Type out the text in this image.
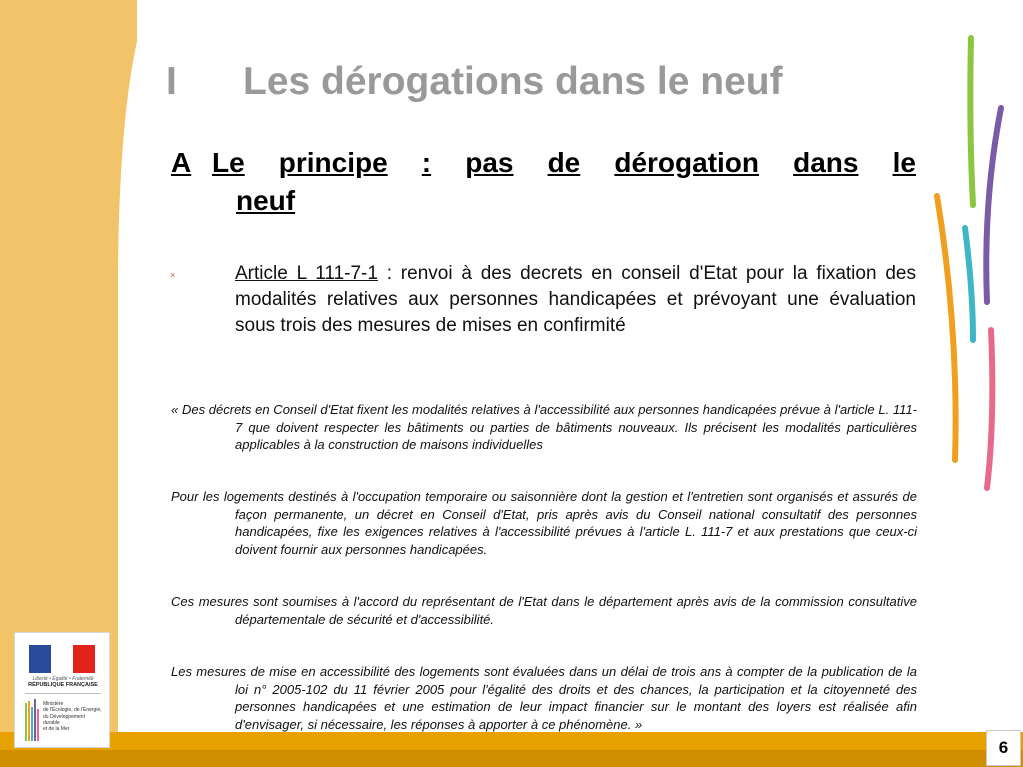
I Les dérogations dans le neuf
A Le principe : pas de dérogation dans le
neuf
×	Article L 111-7-1 : renvoi à des decrets en conseil d'Etat pour la fixation des modalités relatives aux personnes handicapées et prévoyant une évaluation sous trois des mesures de mises en confirmité
« Des décrets en Conseil d'Etat fixent les modalités relatives à l'accessibilité aux personnes handicapées prévue à l'article L. 111-7 que doivent respecter les bâtiments ou parties de bâtiments nouveaux. Ils précisent les modalités particulières applicables à la construction de maisons individuelles
Pour les logements destinés à l'occupation temporaire ou saisonnière dont la gestion et l'entretien sont organisés et assurés de façon permanente, un décret en Conseil d'Etat, pris après avis du Conseil national consultatif des personnes handicapées, fixe les exigences relatives à l'accessibilité prévues à l'article L. 111-7 et aux prestations que ceux-ci doivent fournir aux personnes handicapées.
Ces mesures sont soumises à l'accord du représentant de l'Etat dans le département après avis de la commission consultative départementale de sécurité et d'accessibilité.
Les mesures de mise en accessibilité des logements sont évaluées dans un délai de trois ans à compter de la publication de la loi n° 2005-102 du 11 février 2005 pour l'égalité des droits et des chances, la participation et la citoyenneté des personnes handicapées et une estimation de leur impact financier sur le montant des loyers est réalisée afin d'envisager, si nécessaire, les réponses à apporter à ce phénomène. »
Liberté • Égalité • Fraternité
RÉPUBLIQUE FRANÇAISE
Ministère
de l'Écologie, de l'Énergie,
du Développement
durable
et de la Mer
6
